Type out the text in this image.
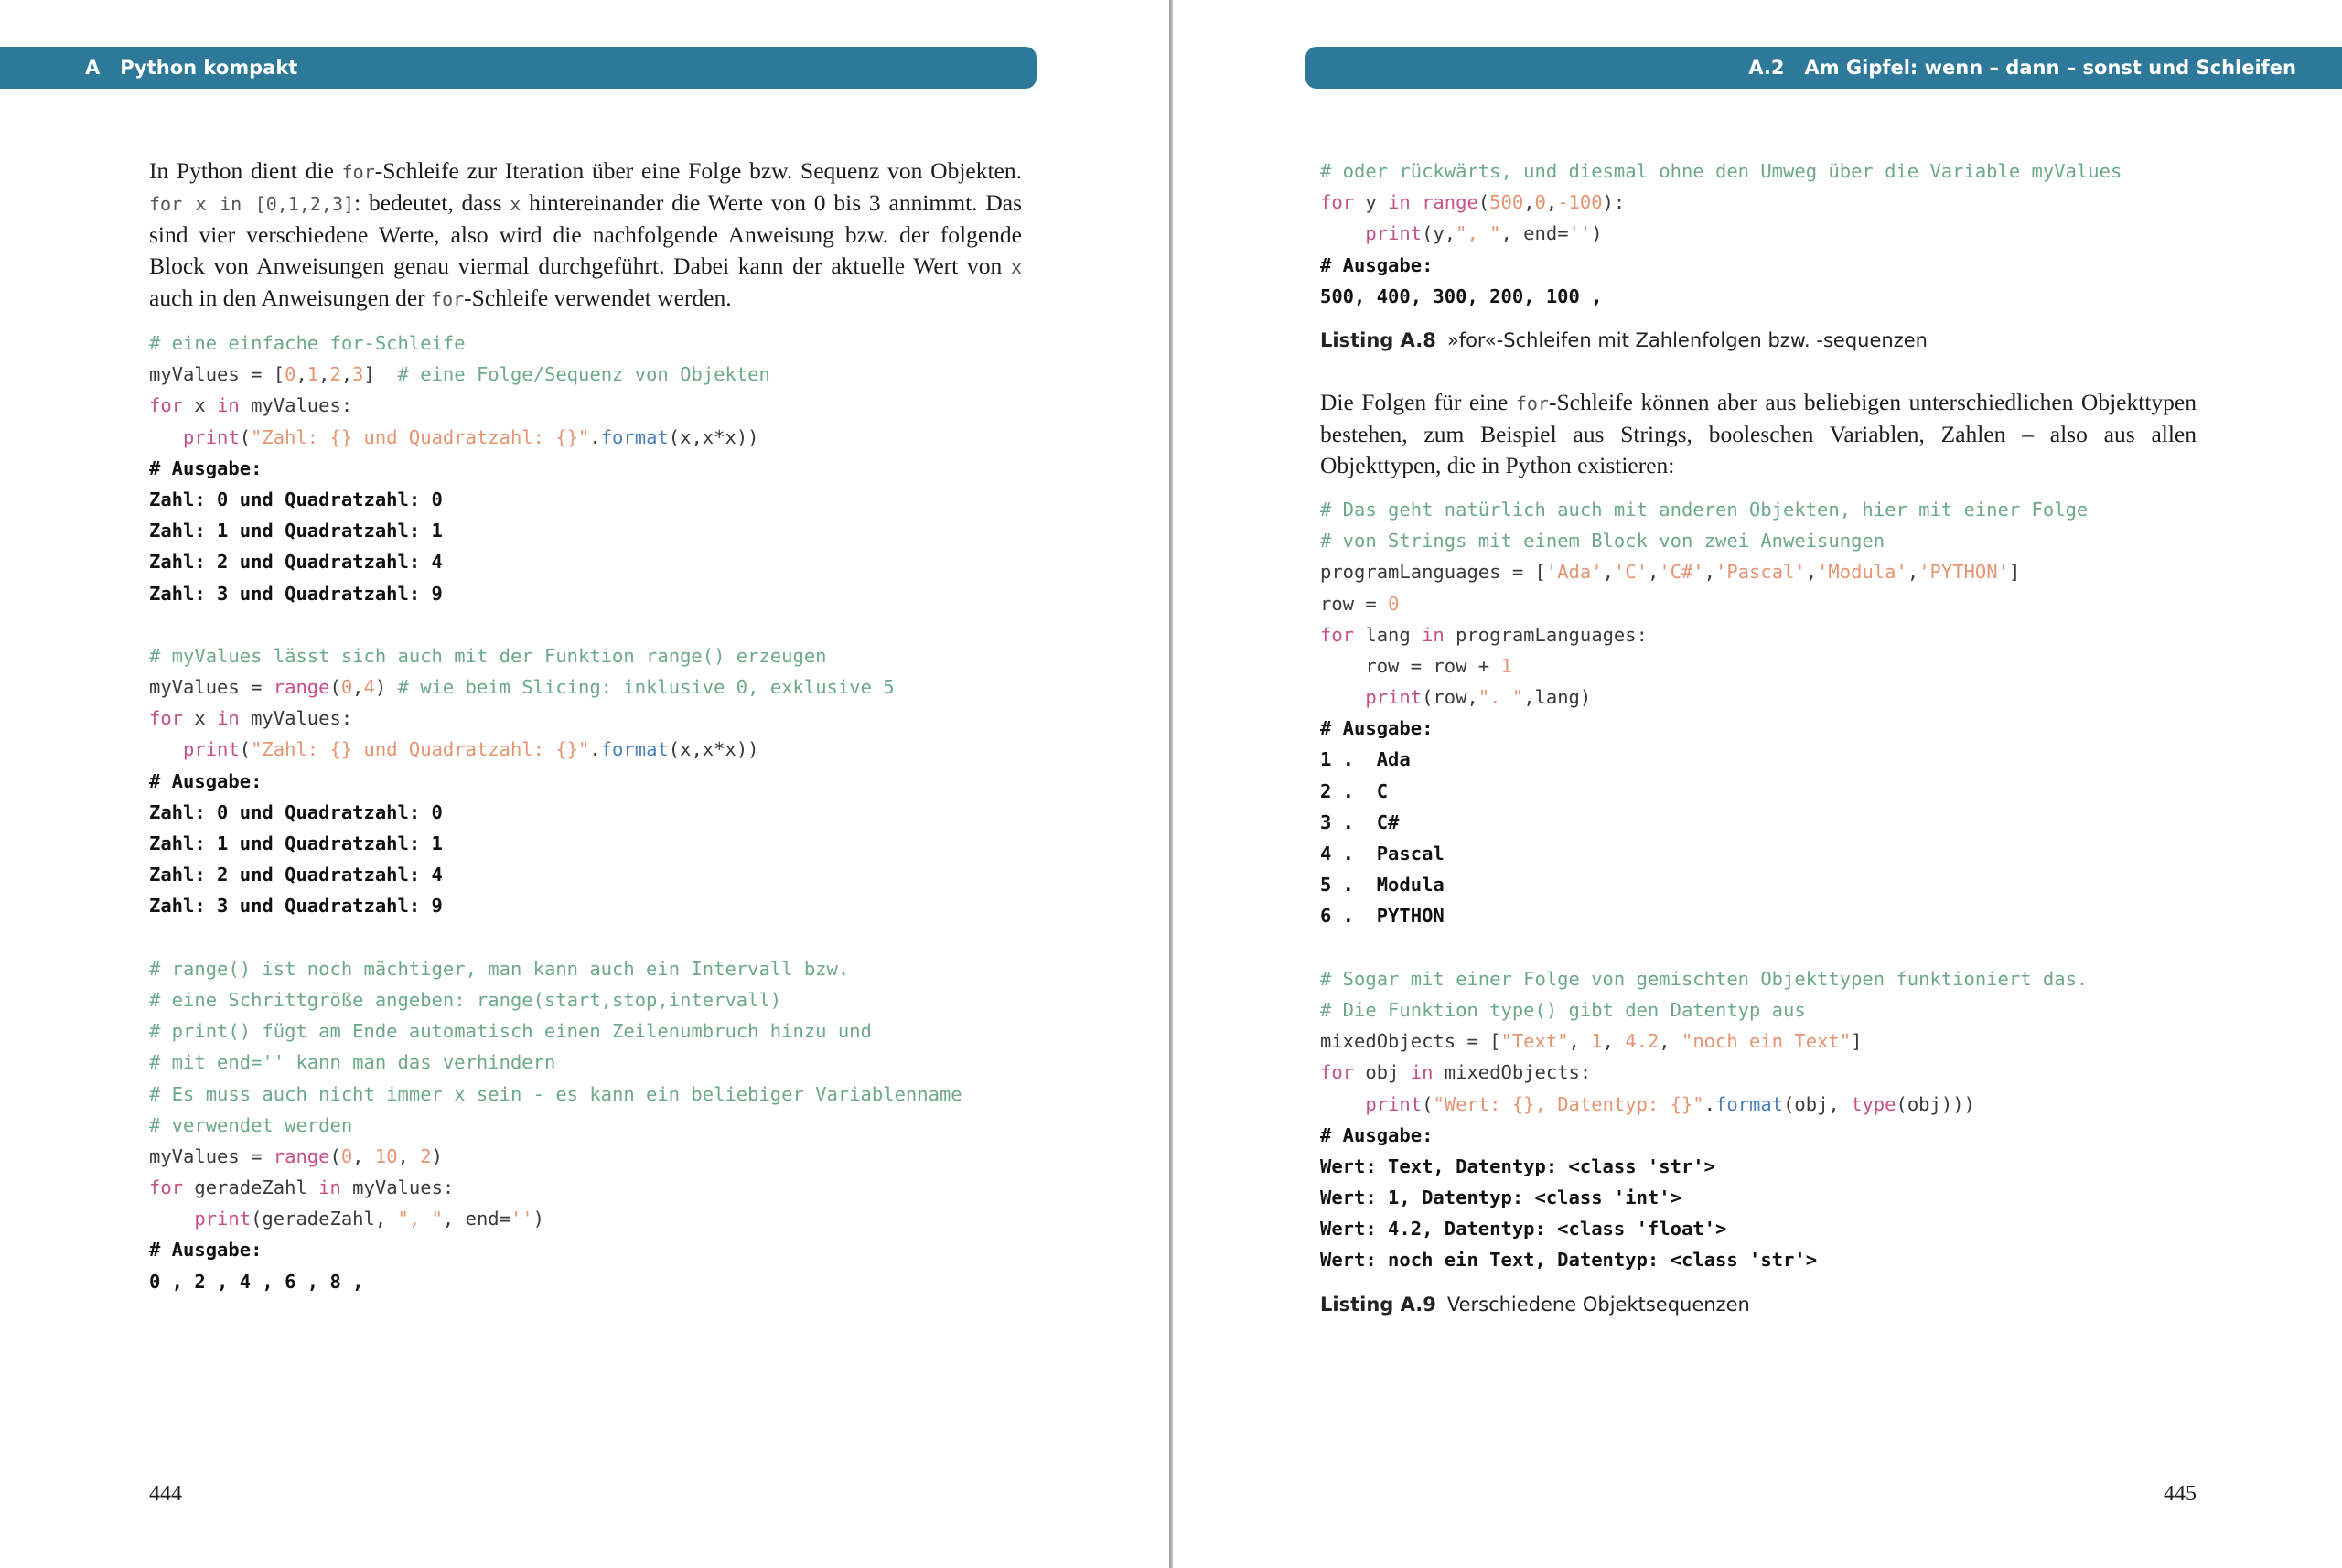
A Python kompakt

In Python dient die for-Schleife zur Iteration über eine Folge bzw. Sequenz von Objekten. for x in [0,1,2,3]: bedeutet, dass x hintereinander die Werte von 0 bis 3 annimmt. Das sind vier verschiedene Werte, also wird die nachfolgende Anweisung bzw. der folgende Block von Anweisungen genau viermal durchgeführt. Dabei kann der aktuelle Wert von x auch in den Anweisungen der for-Schleife verwendet werden.

# eine einfache for-Schleife
myValues = [0,1,2,3]  # eine Folge/Sequenz von Objekten
for x in myValues:
print("Zahl: {} und Quadratzahl: {}".format(x,x*x))
# Ausgabe:
Zahl: 0 und Quadratzahl: 0
Zahl: 1 und Quadratzahl: 1
Zahl: 2 und Quadratzahl: 4
Zahl: 3 und Quadratzahl: 9

# myValues lässt sich auch mit der Funktion range() erzeugen
myValues = range(0,4) # wie beim Slicing: inklusive 0, exklusive 5
for x in myValues:
print("Zahl: {} und Quadratzahl: {}".format(x,x*x))
# Ausgabe:
Zahl: 0 und Quadratzahl: 0
Zahl: 1 und Quadratzahl: 1
Zahl: 2 und Quadratzahl: 4
Zahl: 3 und Quadratzahl: 9

# range() ist noch mächtiger, man kann auch ein Intervall bzw.
# eine Schrittgröße angeben: range(start,stop,intervall)
# print() fügt am Ende automatisch einen Zeilenumbruch hinzu und
# mit end='' kann man das verhindern
# Es muss auch nicht immer x sein - es kann ein beliebiger Variablenname
# verwendet werden
myValues = range(0, 10, 2)
for geradeZahl in myValues:
print(geradeZahl, ", ", end='')
# Ausgabe:
0 , 2 , 4 , 6 , 8 ,
444
A.2 Am Gipfel: wenn – dann – sonst und Schleifen
# oder rückwärts, und diesmal ohne den Umweg über die Variable myValues
for y in range(500,0,-100):
print(y,", ", end='')
# Ausgabe:
500, 400, 300, 200, 100 ,
Listing A.8 »for«-Schleifen mit Zahlenfolgen bzw. -sequenzen

Die Folgen für eine for-Schleife können aber aus beliebigen unterschiedlichen Objekttypen bestehen, zum Beispiel aus Strings, booleschen Variablen, Zahlen – also aus allen Objekttypen, die in Python existieren:

# Das geht natürlich auch mit anderen Objekten, hier mit einer Folge
# von Strings mit einem Block von zwei Anweisungen
programLanguages = ['Ada','C','C#','Pascal','Modula','PYTHON']
row = 0
for lang in programLanguages:
row = row + 1
print(row,". ",lang)
# Ausgabe:
1 .  Ada
2 .  C
3 .  C#
4 .  Pascal
5 .  Modula
6 .  PYTHON

# Sogar mit einer Folge von gemischten Objekttypen funktioniert das.
# Die Funktion type() gibt den Datentyp aus
mixedObjects = ["Text", 1, 4.2, "noch ein Text"]
for obj in mixedObjects:
print("Wert: {}, Datentyp: {}".format(obj, type(obj)))
# Ausgabe:
Wert: Text, Datentyp: <class 'str'>
Wert: 1, Datentyp: <class 'int'>
Wert: 4.2, Datentyp: <class 'float'>
Wert: noch ein Text, Datentyp: <class 'str'>
Listing A.9 Verschiedene Objektsequenzen
445
